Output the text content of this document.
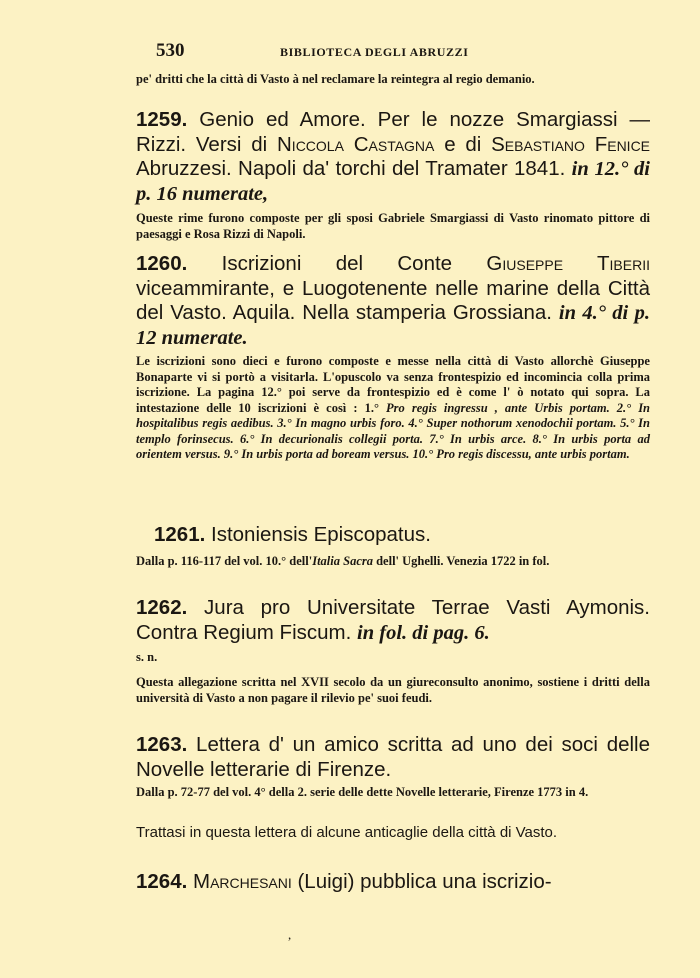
530	BIBLIOTECA DEGLI ABRUZZI
pe' dritti che la città di Vasto à nel reclamare la reintegra al regio demanio.
1259. Genio ed Amore. Per le nozze Smargiassi — Rizzi. Versi di Niccola Castagna e di Sebastiano Fenice Abruzzesi. Napoli da' torchi del Tramater 1841. in 12.° di p. 16 numerate,
Queste rime furono composte per gli sposi Gabriele Smargiassi di Vasto rinomato pittore di paesaggi e Rosa Rizzi di Napoli.
1260. Iscrizioni del Conte Giuseppe Tiberii viceammirante, e Luogotenente nelle marine della Città del Vasto. Aquila. Nella stamperia Grossiana. in 4.° di p. 12 numerate.
Le iscrizioni sono dieci e furono composte e messe nella città di Vasto allorchè Giuseppe Bonaparte vi si portò a visitarla. L'opuscolo va senza frontespizio ed incomincia colla prima iscrizione. La pagina 12.° poi serve da frontespizio ed è come l' ò notato qui sopra. La intestazione delle 10 iscrizioni è così : 1.° Pro regis ingressu , ante Urbis portam. 2.° In hospitalibus regis aedibus. 3.° In magno urbis foro. 4.° Super nothorum xenodochii portam. 5.° In templo forinsecus. 6.° In decurionalis collegii porta. 7.° In urbis arce. 8.° In urbis porta ad orientem versus. 9.° In urbis porta ad boream versus. 10.° Pro regis discessu, ante urbis portam.
1261. Istoniensis Episcopatus.
Dalla p. 116-117 del vol. 10.° dell'Italia Sacra dell' Ughelli. Venezia 1722 in fol.
1262. Jura pro Universitate Terrae Vasti Aymonis. Contra Regium Fiscum. in fol. di pag. 6.
s. n.
Questa allegazione scritta nel XVII secolo da un giureconsulto anonimo, sostiene i dritti della università di Vasto a non pagare il rilevio pe' suoi feudi.
1263. Lettera d' un amico scritta ad uno dei soci delle Novelle letterarie di Firenze.
Dalla p. 72-77 del vol. 4° della 2. serie delle dette Novelle letterarie, Firenze 1773 in 4.
Trattasi in questa lettera di alcune anticaglie della città di Vasto.
1264. Marchesani (Luigi) pubblica una iscrizio-
,
